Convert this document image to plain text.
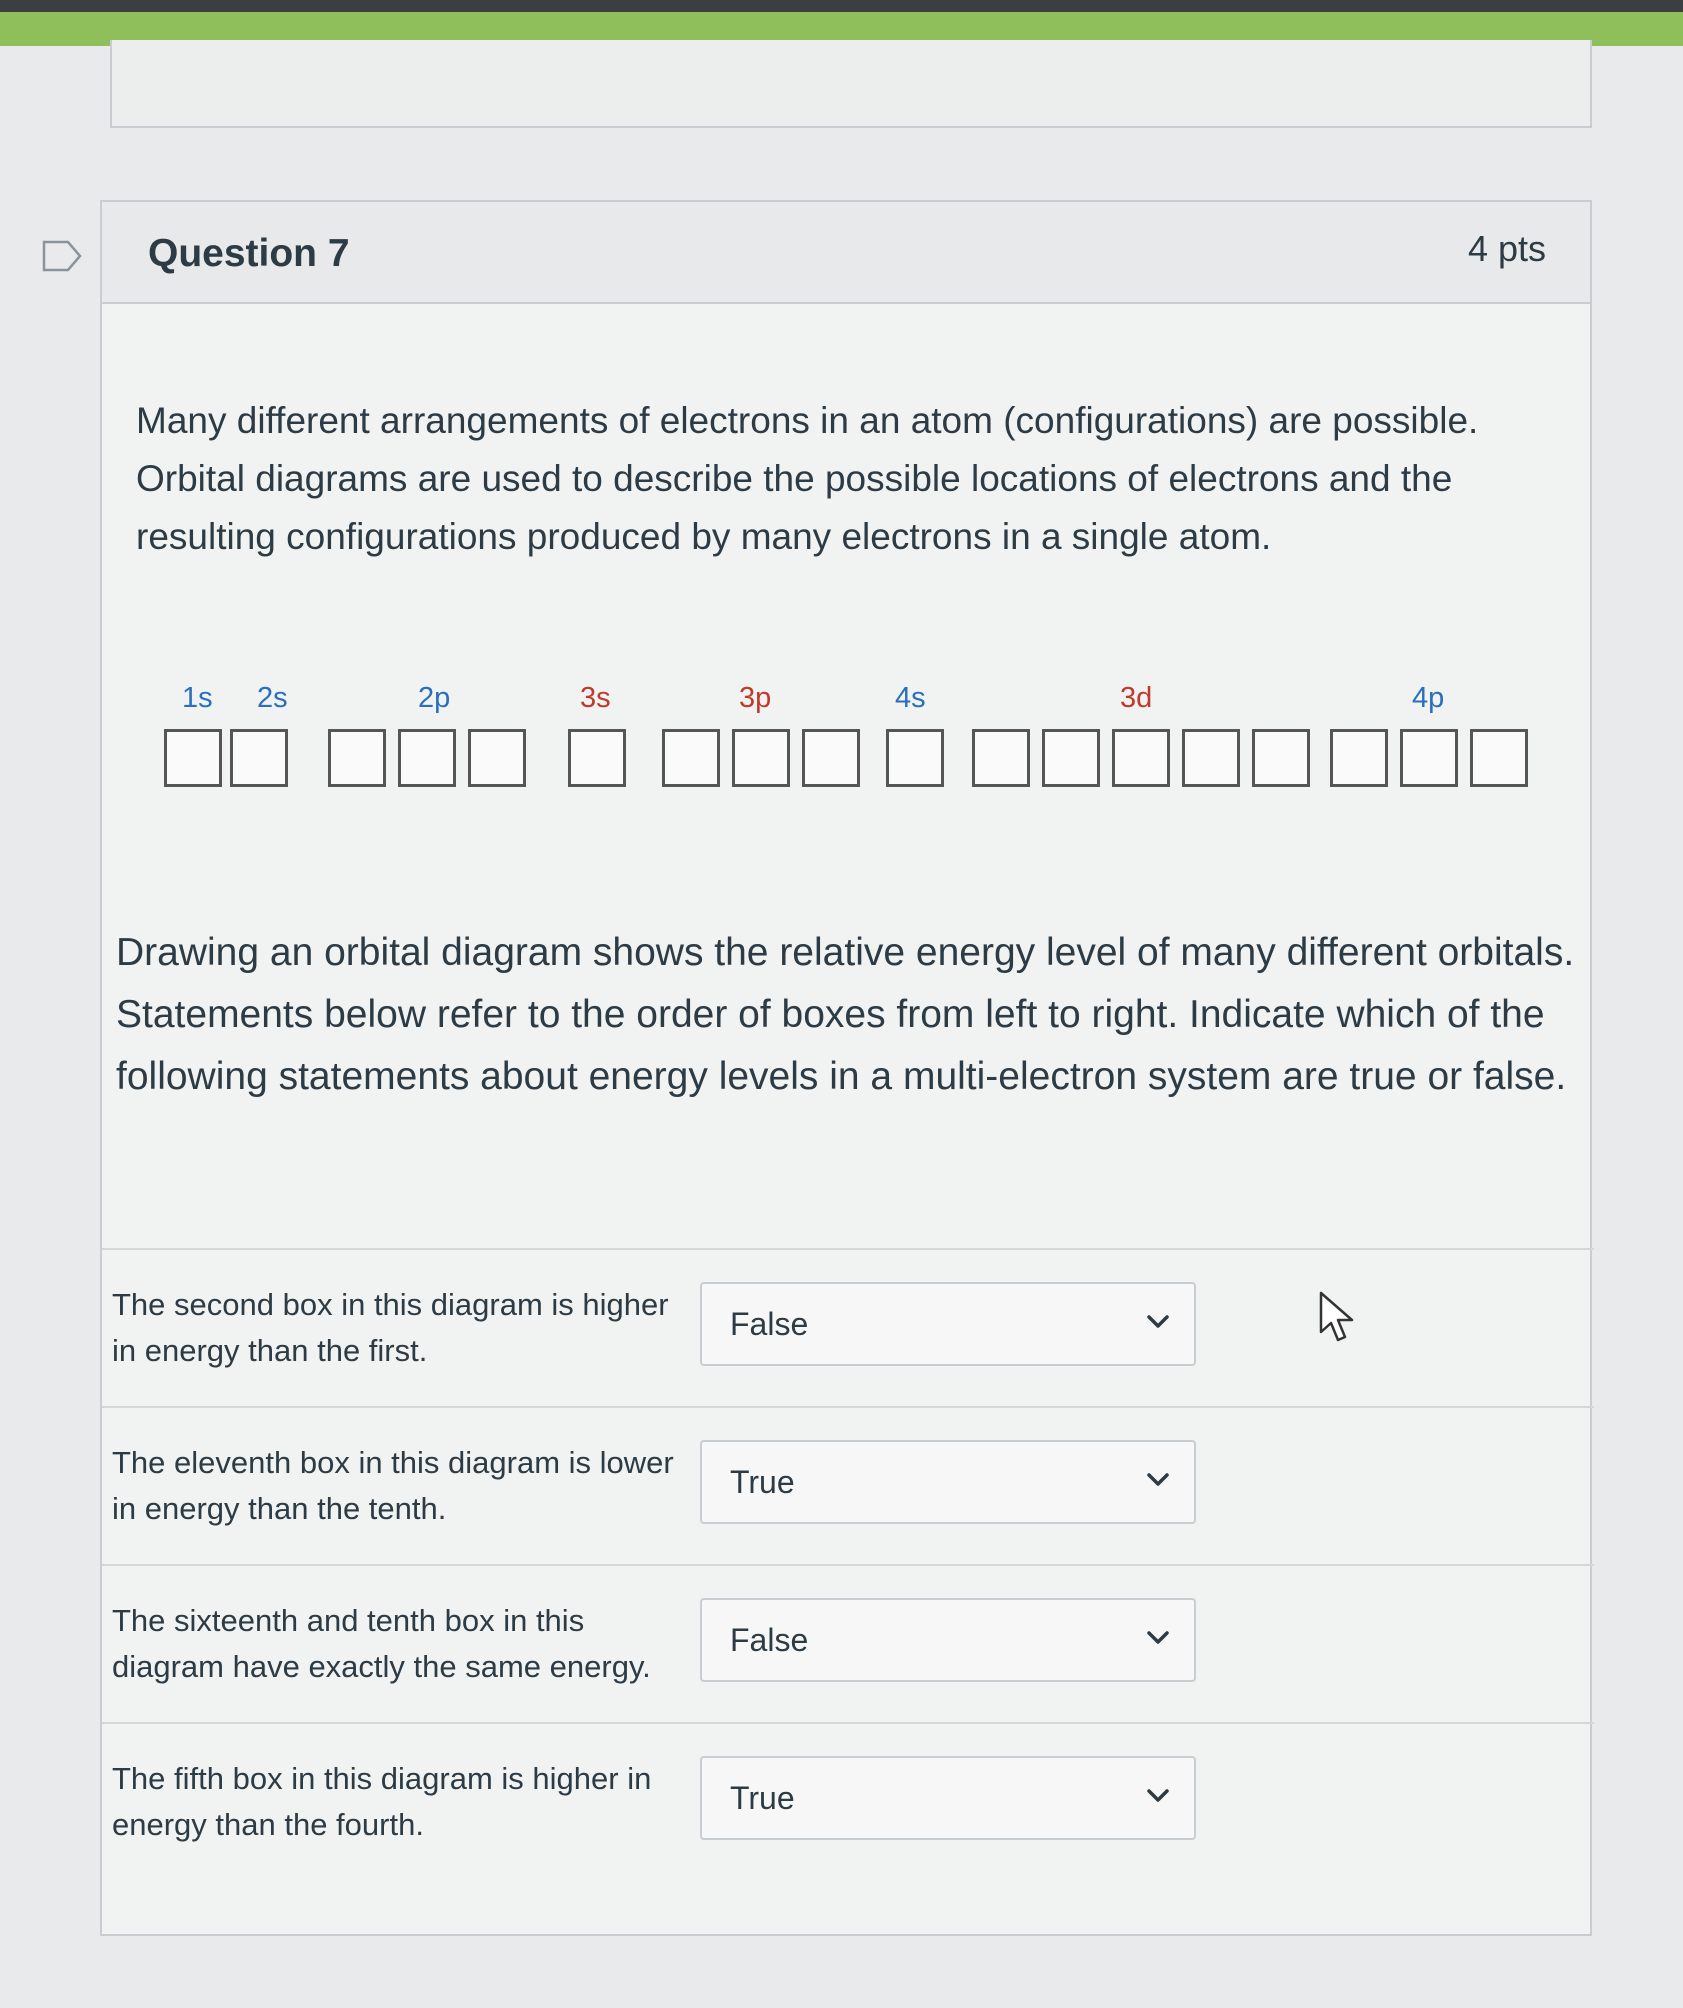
Question 7	4 pts
Many different arrangements of electrons in an atom (configurations) are possible. Orbital diagrams are used to describe the possible locations of electrons and the resulting configurations produced by many electrons in a single atom.
1s 2s	2p	3s	3p	4s	3d	4p
Drawing an orbital diagram shows the relative energy level of many different orbitals. Statements below refer to the order of boxes from left to right. Indicate which of the following statements about energy levels in a multi-electron system are true or false.
The second box in this diagram is higher in energy than the first.
False
The eleventh box in this diagram is lower in energy than the tenth.
True
The sixteenth and tenth box in this diagram have exactly the same energy.
False
The fifth box in this diagram is higher in energy than the fourth.
True
